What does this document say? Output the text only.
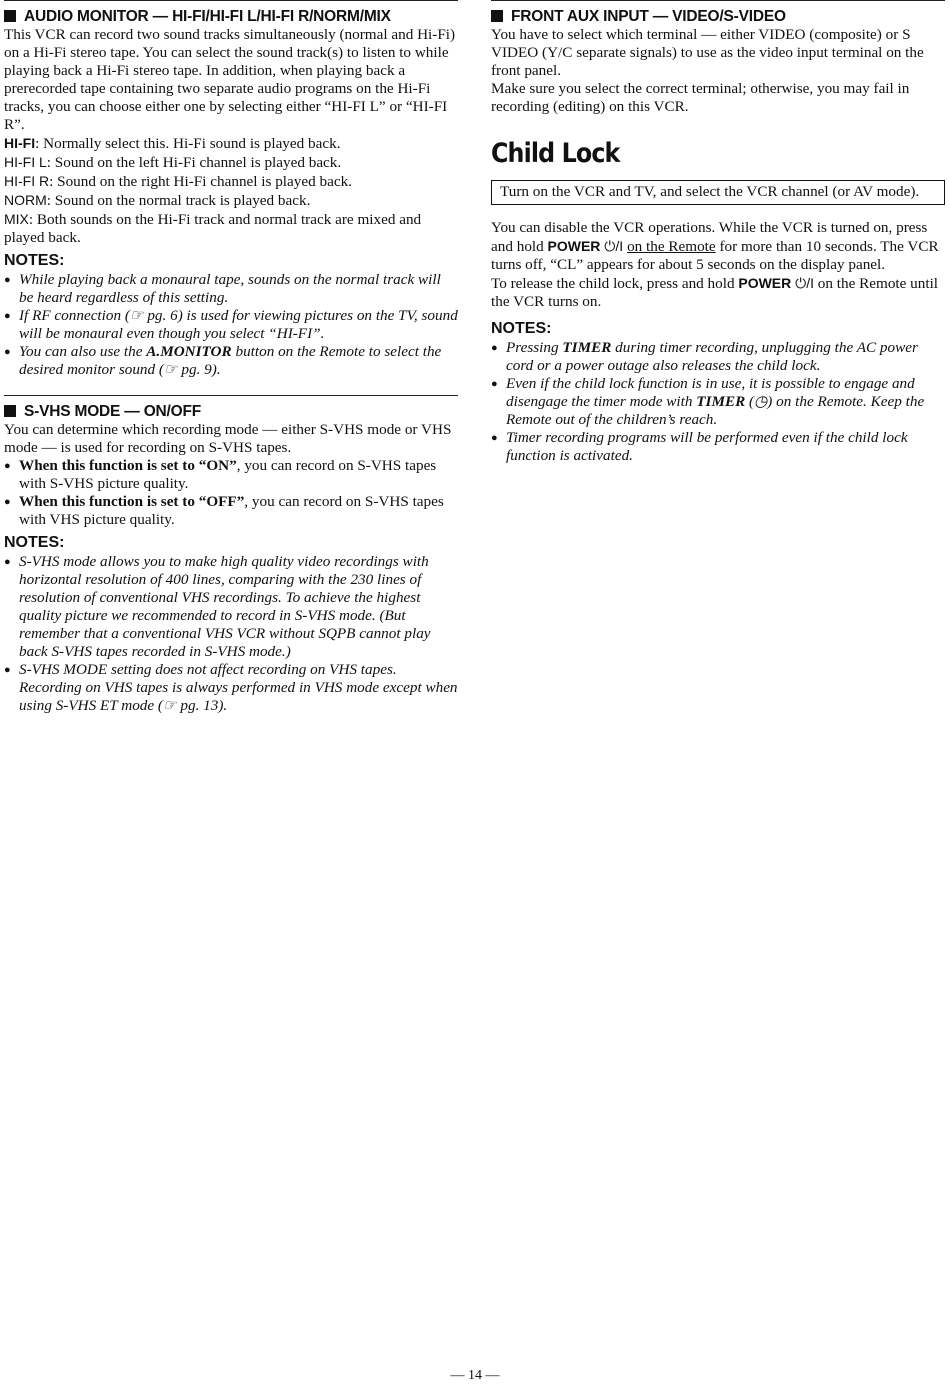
AUDIO MONITOR — HI-FI/HI-FI L/HI-FI R/NORM/MIX

This VCR can record two sound tracks simultaneously (normal and Hi-Fi) on a Hi-Fi stereo tape. You can select the sound track(s) to listen to while playing back a Hi-Fi stereo tape. In addition, when playing back a prerecorded tape containing two separate audio programs on the Hi-Fi tracks, you can choose either one by selecting either “HI-FI L” or “HI-FI R”.

HI-FI: Normally select this. Hi-Fi sound is played back.

HI-FI L: Sound on the left Hi-Fi channel is played back.

HI-FI R: Sound on the right Hi-Fi channel is played back.

NORM: Sound on the normal track is played back.

MIX: Both sounds on the Hi-Fi track and normal track are mixed and played back.

NOTES:
● While playing back a monaural tape, sounds on the normal track will be heard regardless of this setting.
● If RF connection (☞ pg. 6) is used for viewing pictures on the TV, sound will be monaural even though you select “HI-FI”.
● You can also use the A.MONITOR button on the Remote to select the desired monitor sound (☞ pg. 9).
S-VHS MODE — ON/OFF

You can determine which recording mode — either S-VHS mode or VHS mode — is used for recording on S-VHS tapes.

● When this function is set to “ON”, you can record on S-VHS tapes with S-VHS picture quality.
● When this function is set to “OFF”, you can record on S-VHS tapes with VHS picture quality.
NOTES:
● S-VHS mode allows you to make high quality video recordings with horizontal resolution of 400 lines, comparing with the 230 lines of resolution of conventional VHS recordings. To achieve the highest quality picture we recommended to record in S-VHS mode. (But remember that a conventional VHS VCR without SQPB cannot play back S-VHS tapes recorded in S-VHS mode.)
● S-VHS MODE setting does not affect recording on VHS tapes. Recording on VHS tapes is always performed in VHS mode except when using S-VHS ET mode (☞ pg. 13).
FRONT AUX INPUT — VIDEO/S-VIDEO

You have to select which terminal — either VIDEO (composite) or S VIDEO (Y/C separate signals) to use as the video input terminal on the front panel.

Make sure you select the correct terminal; otherwise, you may fail in recording (editing) on this VCR.

Child Lock

Turn on the VCR and TV, and select the VCR channel (or AV mode).

You can disable the VCR operations. While the VCR is turned on, press and hold POWER ⏻/I on the Remote for more than 10 seconds. The VCR turns off, “CL” appears for about 5 seconds on the display panel.

To release the child lock, press and hold POWER ⏻/I on the Remote until the VCR turns on.

NOTES:
● Pressing TIMER during timer recording, unplugging the AC power cord or a power outage also releases the child lock.
● Even if the child lock function is in use, it is possible to engage and disengage the timer mode with TIMER (◷) on the Remote. Keep the Remote out of the children’s reach.
● Timer recording programs will be performed even if the child lock function is activated.
— 14 —
